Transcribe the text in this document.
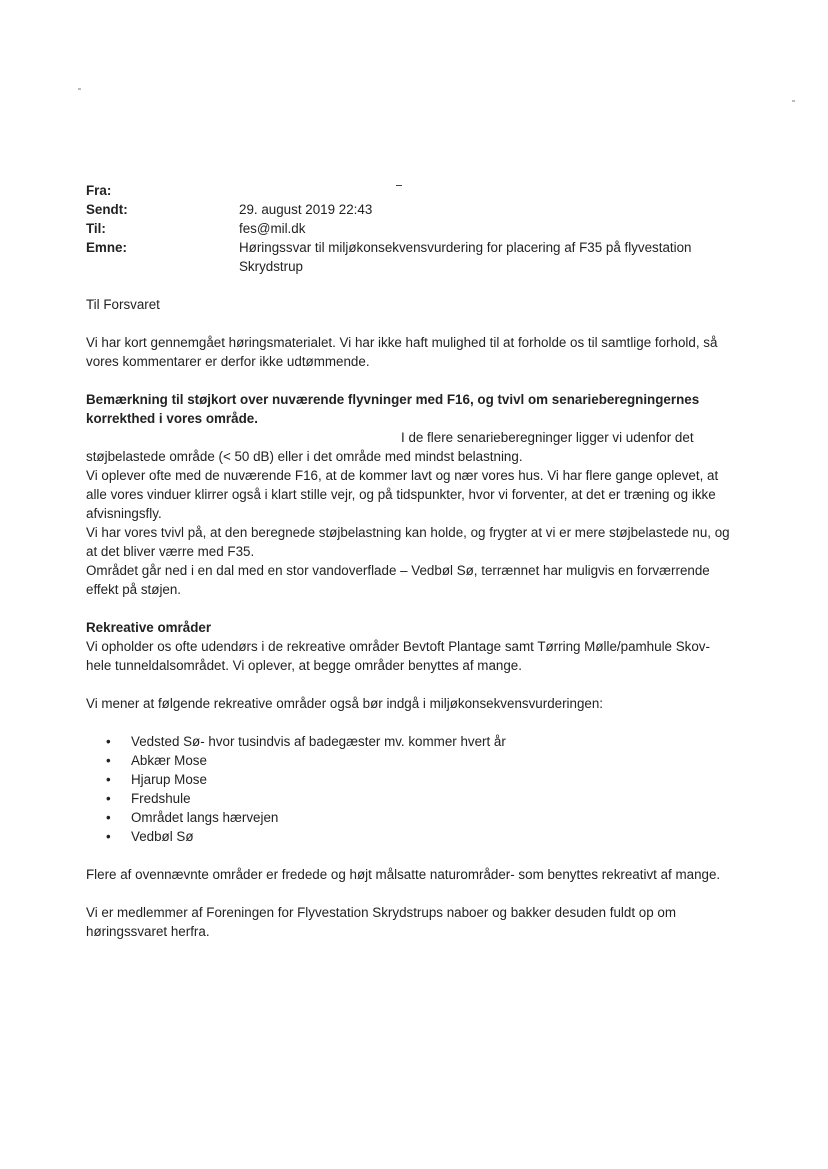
Fra:
Sendt:	29. august 2019 22:43
Til:	fes@mil.dk
Emne:	Høringssvar til miljøkonsekvensvurdering for placering af F35 på flyvestation Skrydstrup

Til Forsvaret

Vi har kort gennemgået høringsmaterialet. Vi har ikke haft mulighed til at forholde os til samtlige forhold, så vores kommentarer er derfor ikke udtømmende.

Bemærkning til støjkort over nuværende flyvninger med F16, og tvivl om senarieberegningernes korrekthed i vores område.

I de flere senarieberegninger ligger vi udenfor det

støjbelastede område (< 50 dB) eller i det område med mindst belastning.

Vi oplever ofte med de nuværende F16, at de kommer lavt og nær vores hus. Vi har flere gange oplevet, at alle vores vinduer klirrer også i klart stille vejr, og på tidspunkter, hvor vi forventer, at det er træning og ikke afvisningsfly.

Vi har vores tvivl på, at den beregnede støjbelastning kan holde, og frygter at vi er mere støjbelastede nu, og at det bliver værre med F35.

Området går ned i en dal med en stor vandoverflade – Vedbøl Sø, terrænnet har muligvis en forværrende effekt på støjen.

Rekreative områder

Vi opholder os ofte udendørs i de rekreative områder Bevtoft Plantage samt Tørring Mølle/pamhule Skov- hele tunneldalsområdet. Vi oplever, at begge områder benyttes af mange.

Vi mener at følgende rekreative områder også bør indgå i miljøkonsekvensvurderingen:

• Vedsted Sø- hvor tusindvis af badegæster mv. kommer hvert år
• Abkær Mose
• Hjarup Mose
• Fredshule
• Området langs hærvejen
• Vedbøl Sø

Flere af ovennævnte områder er fredede og højt målsatte naturområder- som benyttes rekreativt af mange.

Vi er medlemmer af Foreningen for Flyvestation Skrydstrups naboer og bakker desuden fuldt op om høringssvaret herfra.
